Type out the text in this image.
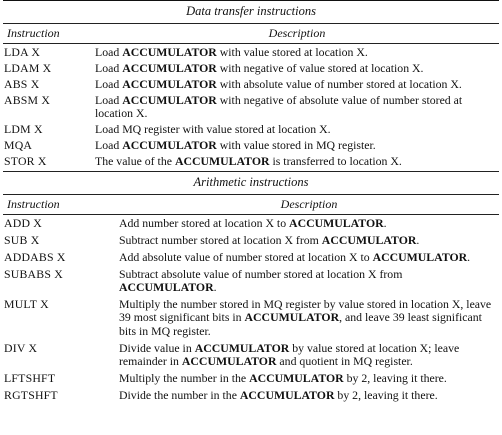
Data transfer instructions
Instruction	Description
LDA X	Load ACCUMULATOR with value stored at location X.
LDAM X	Load ACCUMULATOR with negative of value stored at location X.
ABS X	Load ACCUMULATOR with absolute value of number stored at location X.
ABSM X	Load ACCUMULATOR with negative of absolute value of number stored at location X.
LDM X	Load MQ register with value stored at location X.
MQA	Load ACCUMULATOR with value stored in MQ register.
STOR X	The value of the ACCUMULATOR is transferred to location X.
Arithmetic instructions
Instruction	Description
ADD X	Add number stored at location X to ACCUMULATOR.
SUB X	Subtract number stored at location X from ACCUMULATOR.
ADDABS X	Add absolute value of number stored at location X to ACCUMULATOR.
SUBABS X	Subtract absolute value of number stored at location X from ACCUMULATOR.
MULT X	Multiply the number stored in MQ register by value stored in location X, leave 39 most significant bits in ACCUMULATOR, and leave 39 least significant bits in MQ register.
DIV X	Divide value in ACCUMULATOR by value stored at location X; leave remainder in ACCUMULATOR and quotient in MQ register.
LFTSHFT	Multiply the number in the ACCUMULATOR by 2, leaving it there.
RGTSHFT	Divide the number in the ACCUMULATOR by 2, leaving it there.
